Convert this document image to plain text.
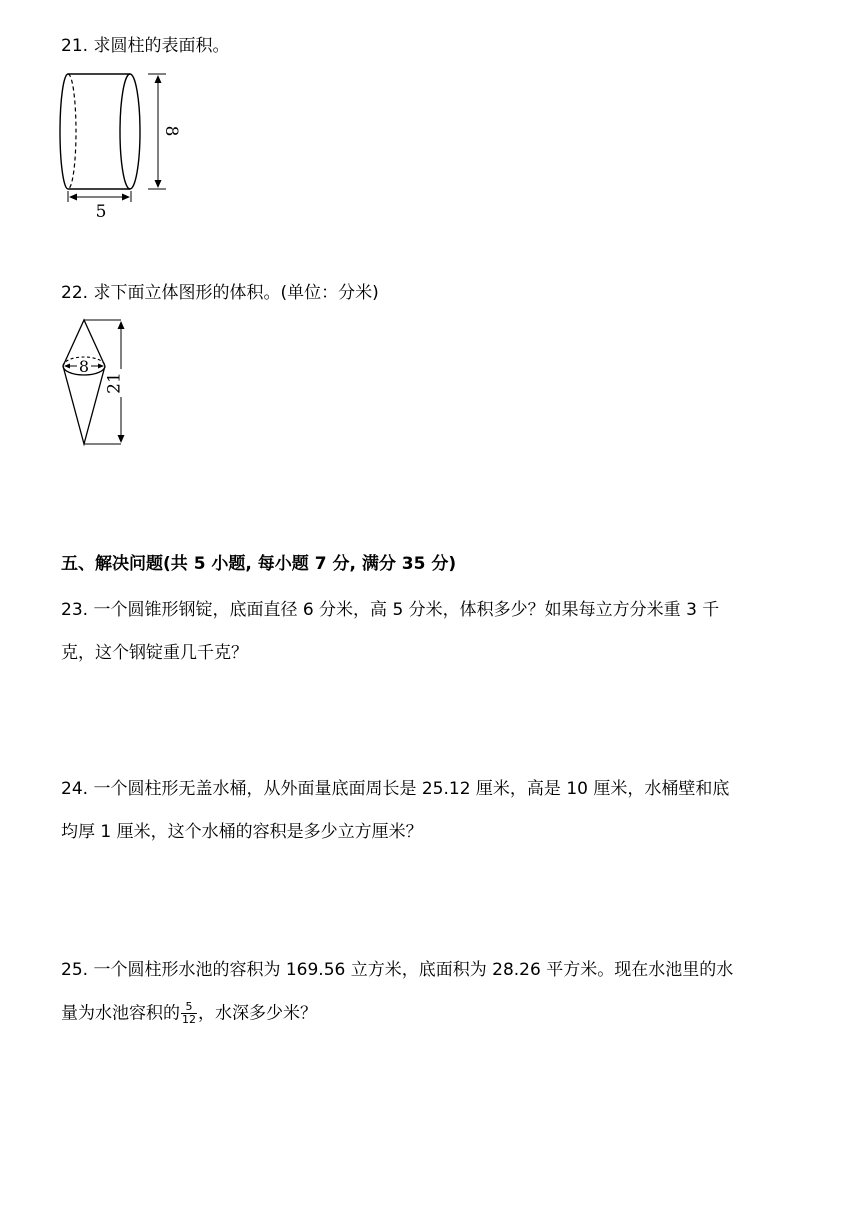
21. 求圆柱的表面积。
8
5
22. 求下面立体图形的体积。(单位：分米)
8
21
五、解决问题(共 5 小题, 每小题 7 分, 满分 35 分)
23. 一个圆锥形钢锭，底面直径 6 分米，高 5 分米，体积多少？如果每立方分米重 3 千
克，这个钢锭重几千克？
24. 一个圆柱形无盖水桶，从外面量底面周长是 25.12 厘米，高是 10 厘米，水桶壁和底
均厚 1 厘米，这个水桶的容积是多少立方厘米？
25. 一个圆柱形水池的容积为 169.56 立方米，底面积为 28.26 平方米。现在水池里的水
量为水池容积的 $\frac{5}{12}$ ，水深多少米？
